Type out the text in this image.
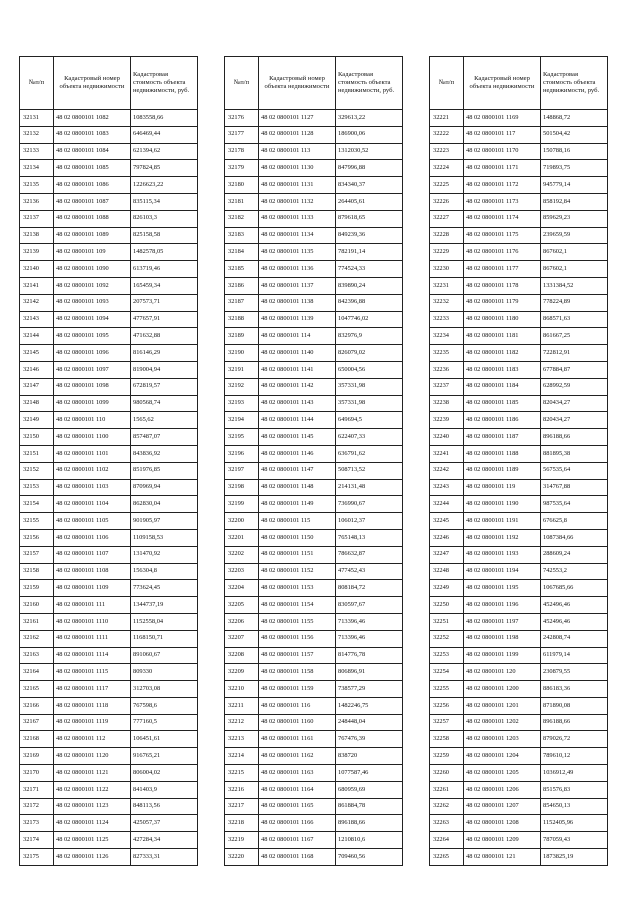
№п/п	Кадастровый номер объекта недвижимости	Кадастровая стоимость объекта недвижимости, руб.
32131	48 02 0800101 1082	1083558,66
32132	48 02 0800101 1083	646469,44
32133	48 02 0800101 1084	621394,62
32134	48 02 0800101 1085	797824,85
32135	48 02 0800101 1086	1226623,22
32136	48 02 0800101 1087	835115,34
32137	48 02 0800101 1088	826103,3
32138	48 02 0800101 1089	825158,58
32139	48 02 0800101 109	1482578,05
32140	48 02 0800101 1090	613719,46
32141	48 02 0800101 1092	165459,34
32142	48 02 0800101 1093	207573,71
32143	48 02 0800101 1094	477657,91
32144	48 02 0800101 1095	471632,88
32145	48 02 0800101 1096	816146,29
32146	48 02 0800101 1097	819004,94
32147	48 02 0800101 1098	672819,57
32148	48 02 0800101 1099	980568,74
32149	48 02 0800101 110	1565,62
32150	48 02 0800101 1100	857487,07
32151	48 02 0800101 1101	843836,92
32152	48 02 0800101 1102	851976,85
32153	48 02 0800101 1103	870969,94
32154	48 02 0800101 1104	862830,04
32155	48 02 0800101 1105	901905,97
32156	48 02 0800101 1106	1109158,53
32157	48 02 0800101 1107	131470,92
32158	48 02 0800101 1108	156304,8
32159	48 02 0800101 1109	773624,45
32160	48 02 0800101 111	1344737,19
32161	48 02 0800101 1110	1152558,04
32162	48 02 0800101 1111	1168150,71
32163	48 02 0800101 1114	891060,67
32164	48 02 0800101 1115	809330
32165	48 02 0800101 1117	312703,08
32166	48 02 0800101 1118	767598,6
32167	48 02 0800101 1119	777160,5
32168	48 02 0800101 112	106451,61
32169	48 02 0800101 1120	916765,21
32170	48 02 0800101 1121	806004,02
32171	48 02 0800101 1122	841403,9
32172	48 02 0800101 1123	848113,56
32173	48 02 0800101 1124	425057,37
32174	48 02 0800101 1125	427284,34
32175	48 02 0800101 1126	827333,31
№п/п	Кадастровый номер объекта недвижимости	Кадастровая стоимость объекта недвижимости, руб.
32176	48 02 0800101 1127	329613,22
32177	48 02 0800101 1128	186900,06
32178	48 02 0800101 113	1312030,52
32179	48 02 0800101 1130	847996,88
32180	48 02 0800101 1131	834340,37
32181	48 02 0800101 1132	264405,61
32182	48 02 0800101 1133	879618,65
32183	48 02 0800101 1134	849239,36
32184	48 02 0800101 1135	782191,14
32185	48 02 0800101 1136	774524,33
32186	48 02 0800101 1137	839890,24
32187	48 02 0800101 1138	842396,88
32188	48 02 0800101 1139	1047746,02
32189	48 02 0800101 114	832976,9
32190	48 02 0800101 1140	826079,02
32191	48 02 0800101 1141	650004,56
32192	48 02 0800101 1142	357331,98
32193	48 02 0800101 1143	357331,98
32194	48 02 0800101 1144	649694,5
32195	48 02 0800101 1145	622407,33
32196	48 02 0800101 1146	636791,62
32197	48 02 0800101 1147	508713,52
32198	48 02 0800101 1148	214131,48
32199	48 02 0800101 1149	736990,67
32200	48 02 0800101 115	106012,37
32201	48 02 0800101 1150	765148,13
32202	48 02 0800101 1151	786632,87
32203	48 02 0800101 1152	477452,43
32204	48 02 0800101 1153	808184,72
32205	48 02 0800101 1154	830597,67
32206	48 02 0800101 1155	713396,46
32207	48 02 0800101 1156	713396,46
32208	48 02 0800101 1157	814776,78
32209	48 02 0800101 1158	806896,91
32210	48 02 0800101 1159	738577,29
32211	48 02 0800101 116	1482246,75
32212	48 02 0800101 1160	248448,04
32213	48 02 0800101 1161	767476,39
32214	48 02 0800101 1162	838720
32215	48 02 0800101 1163	1077587,46
32216	48 02 0800101 1164	680959,69
32217	48 02 0800101 1165	861884,78
32218	48 02 0800101 1166	896188,66
32219	48 02 0800101 1167	1210810,6
32220	48 02 0800101 1168	709460,56
№п/п	Кадастровый номер объекта недвижимости	Кадастровая стоимость объекта недвижимости, руб.
32221	48 02 0800101 1169	148868,72
32222	48 02 0800101 117	501504,42
32223	48 02 0800101 1170	150788,16
32224	48 02 0800101 1171	719893,75
32225	48 02 0800101 1172	945779,14
32226	48 02 0800101 1173	858192,84
32227	48 02 0800101 1174	859629,23
32228	48 02 0800101 1175	239659,59
32229	48 02 0800101 1176	867602,1
32230	48 02 0800101 1177	867602,1
32231	48 02 0800101 1178	1331384,52
32232	48 02 0800101 1179	778224,89
32233	48 02 0800101 1180	868571,63
32234	48 02 0800101 1181	861667,25
32235	48 02 0800101 1182	722812,91
32236	48 02 0800101 1183	677884,87
32237	48 02 0800101 1184	628992,59
32238	48 02 0800101 1185	820434,27
32239	48 02 0800101 1186	820434,27
32240	48 02 0800101 1187	896188,66
32241	48 02 0800101 1188	881895,38
32242	48 02 0800101 1189	567535,64
32243	48 02 0800101 119	314767,88
32244	48 02 0800101 1190	987535,64
32245	48 02 0800101 1191	676625,8
32246	48 02 0800101 1192	1087384,66
32247	48 02 0800101 1193	288609,24
32248	48 02 0800101 1194	742553,2
32249	48 02 0800101 1195	1067685,66
32250	48 02 0800101 1196	452496,46
32251	48 02 0800101 1197	452496,46
32252	48 02 0800101 1198	242808,74
32253	48 02 0800101 1199	611979,14
32254	48 02 0800101 120	230879,55
32255	48 02 0800101 1200	886183,36
32256	48 02 0800101 1201	871890,08
32257	48 02 0800101 1202	896188,66
32258	48 02 0800101 1203	879026,72
32259	48 02 0800101 1204	789610,12
32260	48 02 0800101 1205	1036912,49
32261	48 02 0800101 1206	851576,83
32262	48 02 0800101 1207	854650,13
32263	48 02 0800101 1208	1152405,96
32264	48 02 0800101 1209	787059,43
32265	48 02 0800101 121	1873825,19
